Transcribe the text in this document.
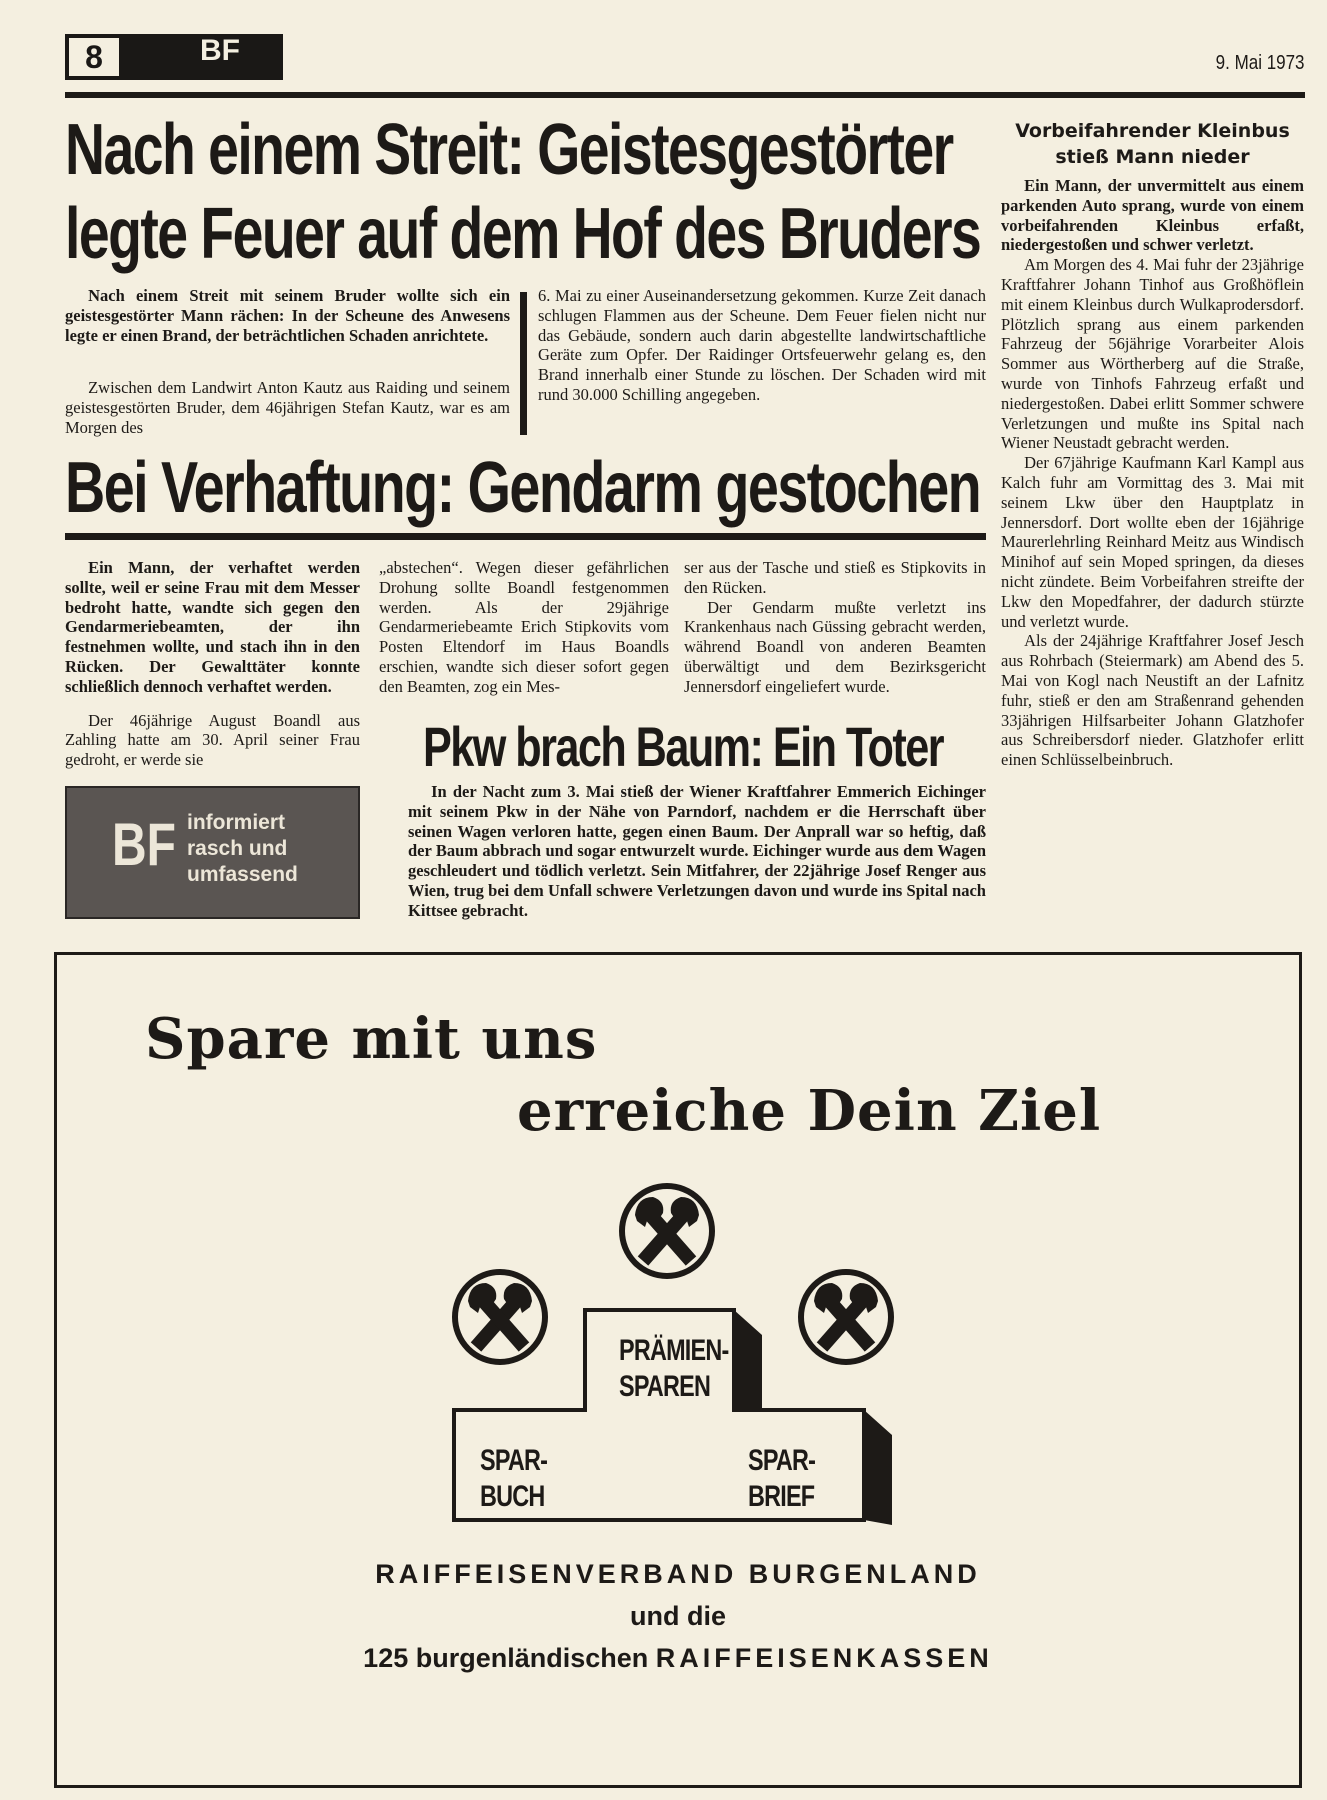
8	BF	9. Mai 1973
Nach einem Streit: Geistesgestörter
legte Feuer auf dem Hof des Bruders

Nach einem Streit mit seinem Bruder wollte sich ein geistesgestörter Mann rächen: In der Scheune des Anwesens legte er einen Brand, der beträchtlichen Schaden anrichtete.

Zwischen dem Landwirt Anton Kautz aus Raiding und seinem geistesgestörten Bruder, dem 46jährigen Stefan Kautz, war es am Morgen des

6. Mai zu einer Auseinandersetzung gekommen. Kurze Zeit danach schlugen Flammen aus der Scheune. Dem Feuer fielen nicht nur das Gebäude, sondern auch darin abgestellte landwirtschaftliche Geräte zum Opfer. Der Raidinger Ortsfeuerwehr gelang es, den Brand innerhalb einer Stunde zu löschen. Der Schaden wird mit rund 30.000 Schilling angegeben.

Bei Verhaftung: Gendarm gestochen

Ein Mann, der verhaftet werden sollte, weil er seine Frau mit dem Messer bedroht hatte, wandte sich gegen den Gendarmeriebeamten, der ihn festnehmen wollte, und stach ihn in den Rücken. Der Gewalttäter konnte schließlich dennoch verhaftet werden.

Der 46jährige August Boandl aus Zahling hatte am 30. April seiner Frau gedroht, er werde sie

„abstechen“. Wegen dieser gefährlichen Drohung sollte Boandl festgenommen werden. Als der 29jährige Gendarmeriebeamte Erich Stipkovits vom Posten Eltendorf im Haus Boandls erschien, wandte sich dieser sofort gegen den Beamten, zog ein Mes-

ser aus der Tasche und stieß es Stipkovits in den Rücken.

Der Gendarm mußte verletzt ins Krankenhaus nach Güssing gebracht werden, während Boandl von anderen Beamten überwältigt und dem Bezirksgericht Jennersdorf eingeliefert wurde.

Pkw brach Baum: Ein Toter

In der Nacht zum 3. Mai stieß der Wiener Kraftfahrer Emmerich Eichinger mit seinem Pkw in der Nähe von Parndorf, nachdem er die Herrschaft über seinen Wagen verloren hatte, gegen einen Baum. Der Anprall war so heftig, daß der Baum abbrach und sogar entwurzelt wurde. Eichinger wurde aus dem Wagen geschleudert und tödlich verletzt. Sein Mitfahrer, der 22jährige Josef Renger aus Wien, trug bei dem Unfall schwere Verletzungen davon und wurde ins Spital nach Kittsee gebracht.

BF informiert
rasch und
umfassend
Vorbeifahrender Kleinbus
stieß Mann nieder

Ein Mann, der unvermittelt aus einem parkenden Auto sprang, wurde von einem vorbeifahrenden Kleinbus erfaßt, niedergestoßen und schwer verletzt.

Am Morgen des 4. Mai fuhr der 23jährige Kraftfahrer Johann Tinhof aus Großhöflein mit einem Kleinbus durch Wulkaprodersdorf. Plötzlich sprang aus einem parkenden Fahrzeug der 56jährige Vorarbeiter Alois Sommer aus Wörtherberg auf die Straße, wurde von Tinhofs Fahrzeug erfaßt und niedergestoßen. Dabei erlitt Sommer schwere Verletzungen und mußte ins Spital nach Wiener Neustadt gebracht werden.

Der 67jährige Kaufmann Karl Kampl aus Kalch fuhr am Vormittag des 3. Mai mit seinem Lkw über den Hauptplatz in Jennersdorf. Dort wollte eben der 16jährige Maurerlehrling Reinhard Meitz aus Windisch Minihof auf sein Moped springen, da dieses nicht zündete. Beim Vorbeifahren streifte der Lkw den Mopedfahrer, der dadurch stürzte und verletzt wurde.

Als der 24jährige Kraftfahrer Josef Jesch aus Rohrbach (Steiermark) am Abend des 5. Mai von Kogl nach Neustift an der Lafnitz fuhr, stieß er den am Straßenrand gehenden 33jährigen Hilfsarbeiter Johann Glatzhofer aus Schreibersdorf nieder. Glatzhofer erlitt einen Schlüsselbeinbruch.

Spare mit uns
erreiche Dein Ziel
PRÄMIEN-
SPAREN
SPAR-
BUCH
SPAR-
BRIEF
RAIFFEISENVERBAND BURGENLAND
und die
125 burgenländischen RAIFFEISENKASSEN
